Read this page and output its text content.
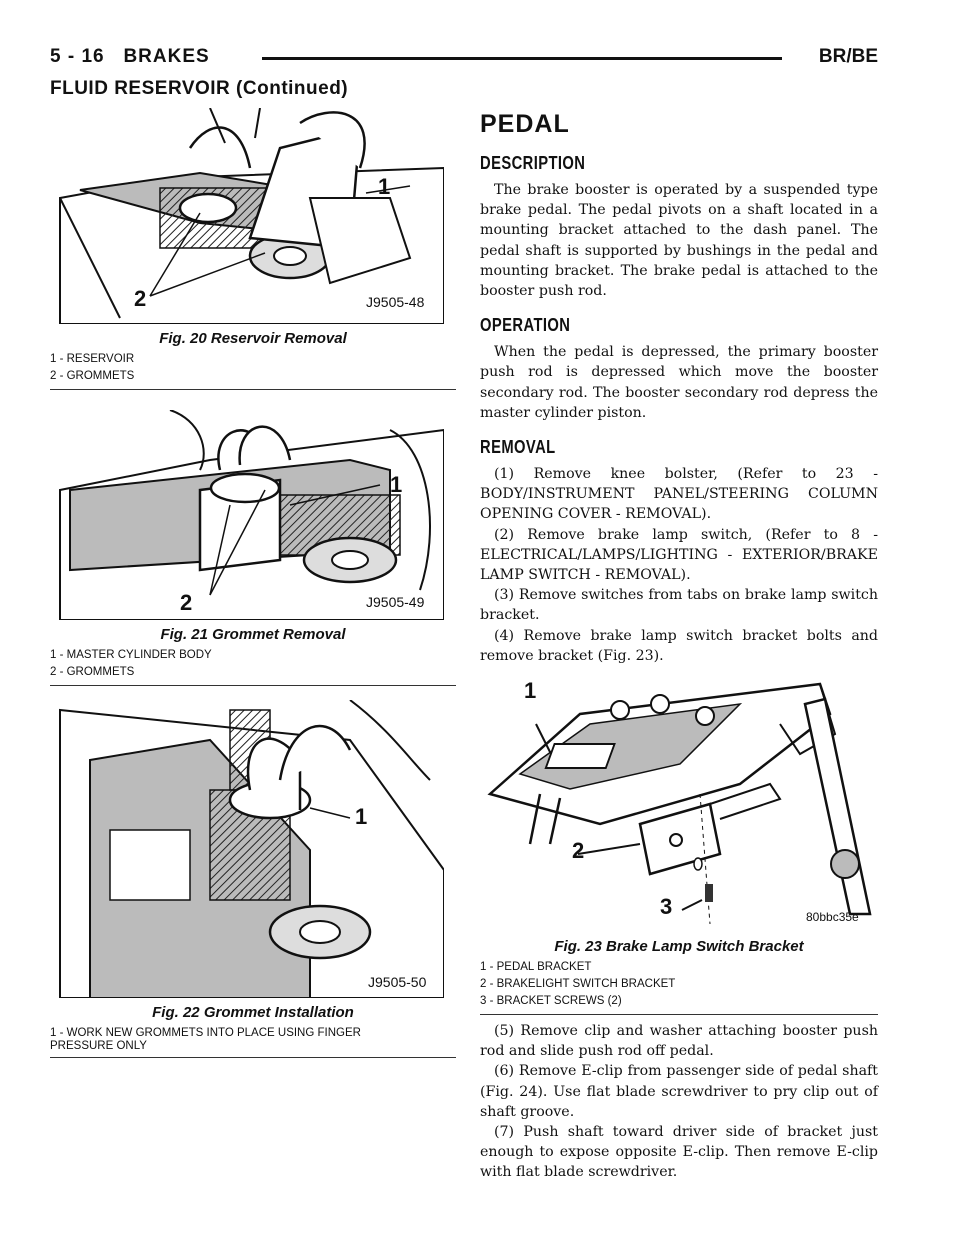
5 - 16 BRAKES	BR/BE
FLUID RESERVOIR (Continued)
1
2	J9505-48
Fig. 20 Reservoir Removal
1 - RESERVOIR
2 - GROMMETS
1
2	J9505-49
Fig. 21 Grommet Removal
1 - MASTER CYLINDER BODY
2 - GROMMETS
1
J9505-50
Fig. 22 Grommet Installation
1 - WORK NEW GROMMETS INTO PLACE USING FINGER
PRESSURE ONLY
PEDAL
DESCRIPTION

The brake booster is operated by a suspended type brake pedal. The pedal pivots on a shaft located in a mounting bracket attached to the dash panel. The pedal shaft is supported by bushings in the pedal and mounting bracket. The brake pedal is attached to the booster push rod.

OPERATION

When the pedal is depressed, the primary booster push rod is depressed which move the booster secondary rod. The booster secondary rod depress the master cylinder piston.

REMOVAL

(1) Remove knee bolster, (Refer to 23 - BODY/INSTRUMENT PANEL/STEERING COLUMN OPENING COVER - REMOVAL).

(2) Remove brake lamp switch, (Refer to 8 - ELECTRICAL/LAMPS/LIGHTING - EXTERIOR/BRAKE LAMP SWITCH - REMOVAL).

(3) Remove switches from tabs on brake lamp switch bracket.

(4) Remove brake lamp switch bracket bolts and remove bracket (Fig. 23).

1
2
3	80bbc35e
Fig. 23 Brake Lamp Switch Bracket
1 - PEDAL BRACKET
2 - BRAKELIGHT SWITCH BRACKET
3 - BRACKET SCREWS (2)

(5) Remove clip and washer attaching booster push rod and slide push rod off pedal.

(6) Remove E-clip from passenger side of pedal shaft (Fig. 24). Use flat blade screwdriver to pry clip out of shaft groove.

(7) Push shaft toward driver side of bracket just enough to expose opposite E-clip. Then remove E-clip with flat blade screwdriver.
